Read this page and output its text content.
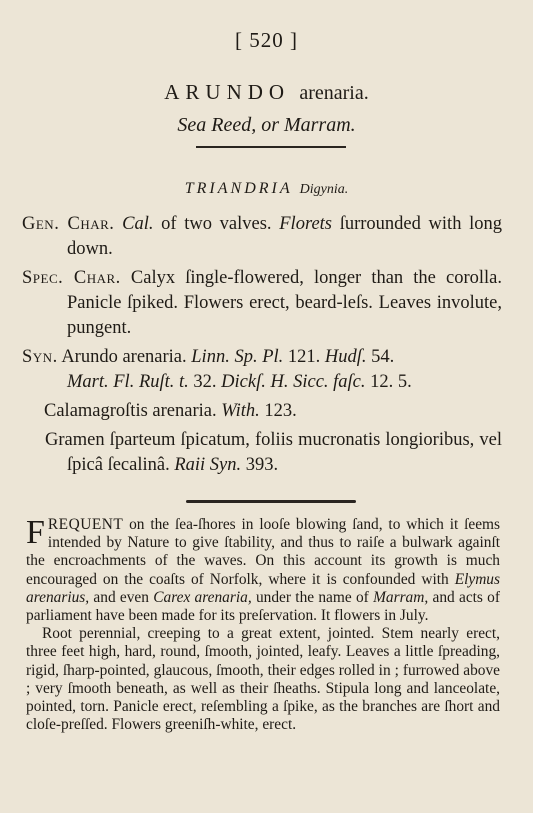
[ 520 ]
ARUNDO arenaria.
Sea Reed, or Marram.
TRIANDRIA Digynia.
Gen. Char. Cal. of two valves. Florets ſurrounded with long down.
Spec. Char. Calyx ſingle-flowered, longer than the corolla. Panicle ſpiked. Flowers erect, beard-leſs. Leaves involute, pungent.
Syn. Arundo arenaria. Linn. Sp. Pl. 121. Hudſ. 54.
Mart. Fl. Ruſt. t. 32. Dickſ. H. Sicc. faſc. 12. 5.
Calamagroſtis arenaria. With. 123.
Gramen ſparteum ſpicatum, foliis mucronatis longioribus, vel ſpicâ ſecalinâ. Raii Syn. 393.

FREQUENT on the ſea-ſhores in looſe blowing ſand, to which it ſeems intended by Nature to give ſtability, and thus to raiſe a bulwark againſt the encroachments of the waves. On this account its growth is much encouraged on the coaſts of Norfolk, where it is confounded with Elymus arenarius, and even Carex arenaria, under the name of Marram, and acts of parliament have been made for its preſervation. It flowers in July.

Root perennial, creeping to a great extent, jointed. Stem nearly erect, three feet high, hard, round, ſmooth, jointed, leafy. Leaves a little ſpreading, rigid, ſharp-pointed, glaucous, ſmooth, their edges rolled in ; furrowed above ; very ſmooth beneath, as well as their ſheaths. Stipula long and lanceolate, pointed, torn. Panicle erect, reſembling a ſpike, as the branches are ſhort and cloſe-preſſed. Flowers greeniſh-white, erect.
